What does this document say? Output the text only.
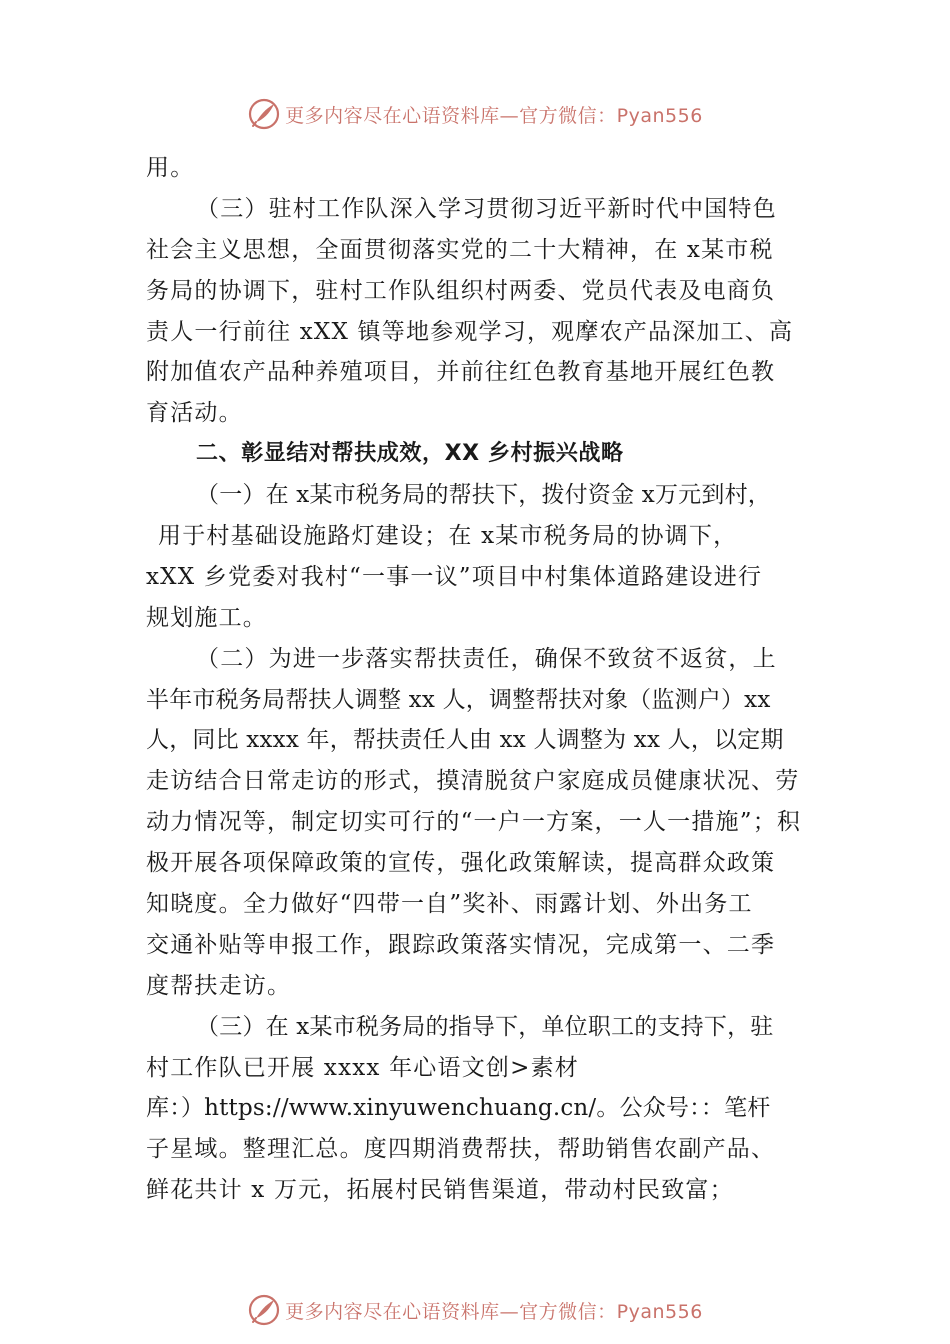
更多内容尽在心语资料库—官方微信：Pyan556
用。
（三）驻村工作队深入学习贯彻习近平新时代中国特色
社会主义思想，全面贯彻落实党的二十大精神，在 x某市税
务局的协调下，驻村工作队组织村两委、党员代表及电商负
责人一行前往 xXX 镇等地参观学习，观摩农产品深加工、高
附加值农产品种养殖项目，并前往红色教育基地开展红色教
育活动。
二、彰显结对帮扶成效，XX 乡村振兴战略
（一）在 x某市税务局的帮扶下，拨付资金 x万元到村，
用于村基础设施路灯建设；在 x某市税务局的协调下，
xXX 乡党委对我村“一事一议”项目中村集体道路建设进行
规划施工。
（二）为进一步落实帮扶责任，确保不致贫不返贫，上
半年市税务局帮扶人调整 xx 人，调整帮扶对象（监测户）xx
人，同比 xxxx 年，帮扶责任人由 xx 人调整为 xx 人，以定期
走访结合日常走访的形式，摸清脱贫户家庭成员健康状况、劳
动力情况等，制定切实可行的“一户一方案，一人一措施”；积
极开展各项保障政策的宣传，强化政策解读，提高群众政策
知晓度。全力做好“四带一自”奖补、雨露计划、外出务工
交通补贴等申报工作，跟踪政策落实情况，完成第一、二季
度帮扶走访。
（三）在 x某市税务局的指导下，单位职工的支持下，驻
村工作队已开展 xxxx 年心语文创>素材
库：）https://www.xinyuwenchuang.cn/。公众号：：笔杆
子星域。整理汇总。度四期消费帮扶，帮助销售农副产品、
鲜花共计 x 万元，拓展村民销售渠道，带动村民致富；
更多内容尽在心语资料库—官方微信：Pyan556
